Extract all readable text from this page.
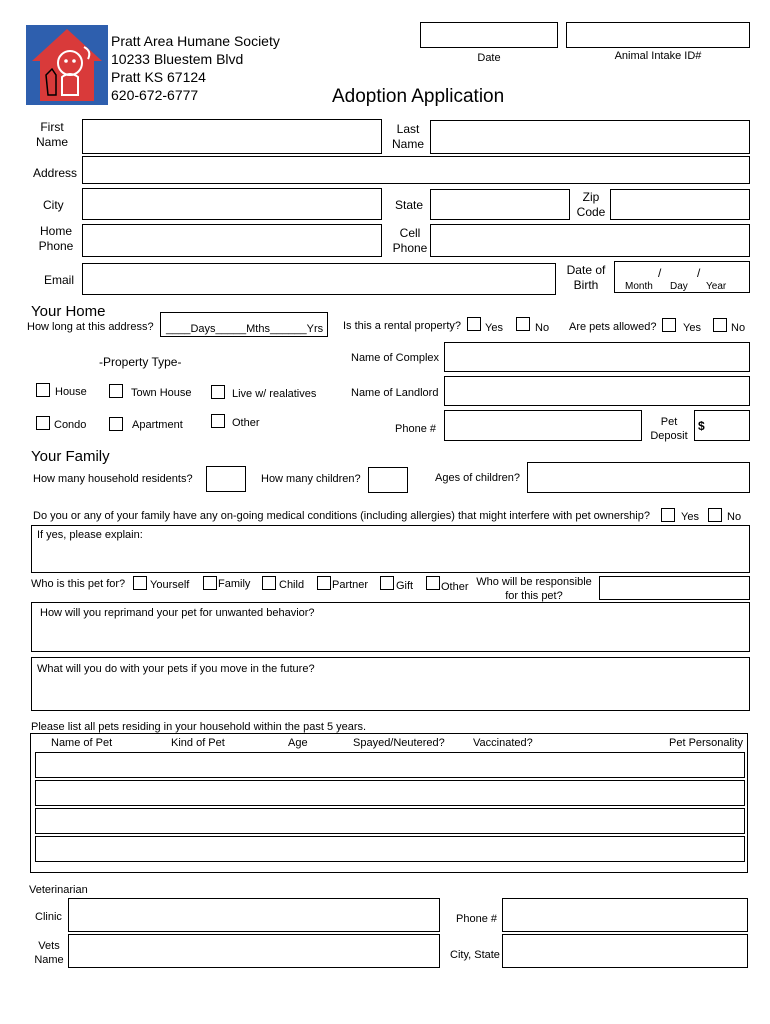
Pratt Area Humane Society
10233 Bluestem Blvd
Pratt KS 67124
620-672-6777
Date	Animal Intake ID#
Adoption Application
First
Name
Last
Name
Address
City	State
Zip
Code
Home
Phone
Cell
Phone
Email
Date of
Birth
/	/
Month Day Year
Your Home
How long at this address? ____Days_____Mths______Yrs Is this a rental property? Yes	No Are pets allowed? Yes	No
-Property Type-
House	Town House	Live w/ realatives
Condo	Apartment	Other
Name of Complex
Name of Landlord
Phone #
Pet
Deposit
$
Your Family
How many household residents?	How many children?	Ages of children?
Do you or any of your family have any on-going medical conditions (including allergies) that might interfere with pet ownership?	Yes	No
If yes, please explain:
Who is this pet for? Yourself	Family	Child	Partner	Gift	Other Who will be responsible
for this pet?
How will you reprimand your pet for unwanted behavior?
What will you do with your pets if you move in the future?
Please list all pets residing in your household within the past 5 years.
Name of Pet	Kind of Pet	Age	Spayed/Neutered?	Vaccinated?	Pet Personality
Veterinarian
Clinic	Phone #
Vets
Name	City, State
